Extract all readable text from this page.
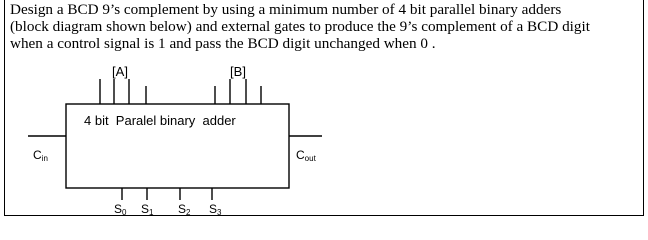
Design a BCD 9’s complement by using a minimum number of 4 bit parallel binary adders
(block diagram shown below) and external gates to produce the 9’s complement of a BCD digit
when a control signal is 1 and pass the BCD digit unchanged when 0 .
[A]	[B]
4 bit  Paralel binary  adder
Cin	Cout
S0 S1 S2 S3
